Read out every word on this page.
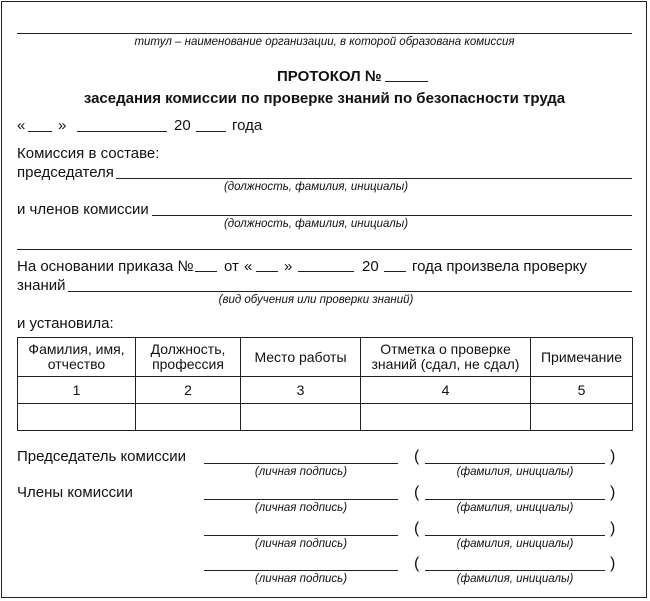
титул – наименование организации, в которой образована комиссия
ПРОТОКОЛ №
заседания комиссии по проверке знаний по безопасности труда
« »	20	года
Комиссия в составе:
председателя
(должность, фамилия, инициалы)
и членов комиссии
(должность, фамилия, инициалы)
На основании приказа № от « »	20 года произвела проверку
знаний
(вид обучения или проверки знаний)
и установила:
Фамилия, имя, отчество	Должность, профессия	Место работы	Отметка о проверке знаний (сдал, не сдал)	Примечание
1	2	3	4	5

Председатель комиссии
Члены комиссии
(личная подпись)
(	)
(фамилия, инициалы)
(личная подпись)
(	)
(фамилия, инициалы)
(личная подпись)
(	)
(фамилия, инициалы)
(личная подпись)
(	)
(фамилия, инициалы)
